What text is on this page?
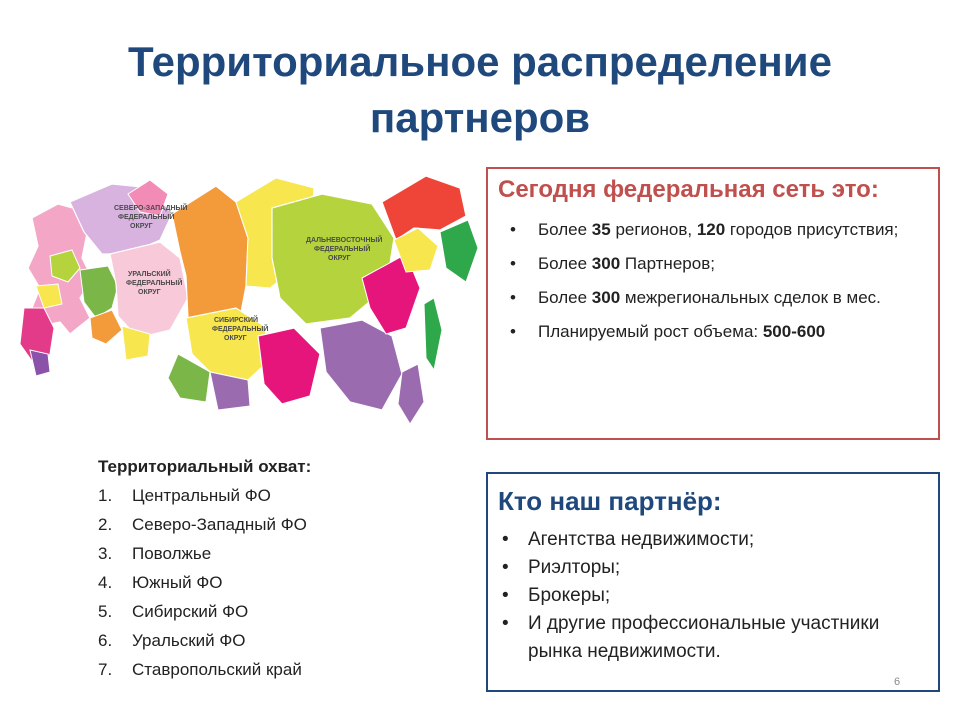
Территориальное распределение
партнеров
СЕВЕРО-ЗАПАДНЫЙ ФЕДЕРАЛЬНЫЙ ОКРУГ
УРАЛЬСКИЙ ФЕДЕРАЛЬНЫЙ ОКРУГ
СИБИРСКИЙ ФЕДЕРАЛЬНЫЙ ОКРУГ
ДАЛЬНЕВОСТОЧНЫЙ ФЕДЕРАЛЬНЫЙ ОКРУГ
Сегодня федеральная сеть это:
• Более 35 регионов, 120 городов присутствия;
• Более 300 Партнеров;
• Более 300 межрегиональных сделок в мес.
• Планируемый рост объема: 500-600
Территориальный охват:
1.	Центральный ФО
2.	Северо-Западный ФО
3.	Поволжье
4.	Южный ФО
5.	Сибирский ФО
6.	Уральский ФО
7.	Ставропольский край
Кто наш партнёр:
• Агентства недвижимости;
• Риэлторы;
• Брокеры;
• И другие профессиональные участники рынка недвижимости.
6
